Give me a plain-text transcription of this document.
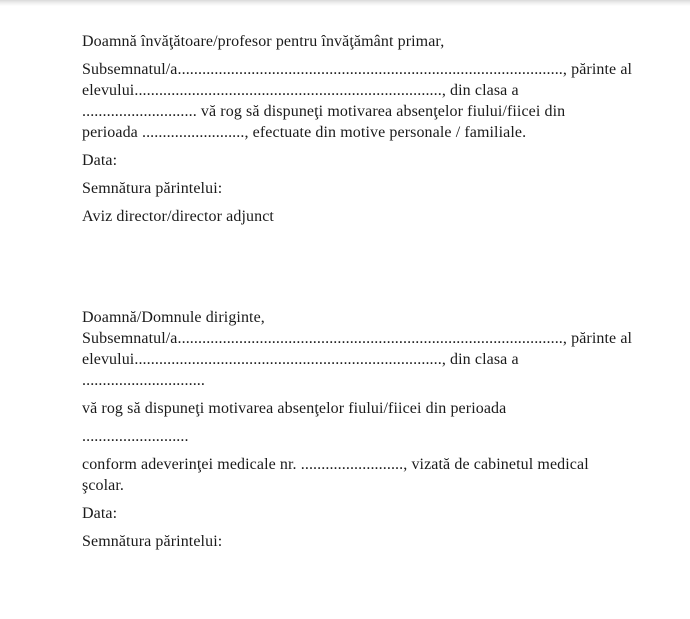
Doamnă învăţătoare/profesor pentru învăţământ primar,
Subsemnatul/a.............................................................................................., părinte al
elevului..........................................................................., din clasa a
............................ vă rog să dispuneţi motivarea absenţelor fiului/fiicei din
perioada ........................., efectuate din motive personale / familiale.
Data:
Semnătura părintelui:
Aviz director/director adjunct
Doamnă/Domnule diriginte,
Subsemnatul/a.............................................................................................., părinte al
elevului..........................................................................., din clasa a
..............................
vă rog să dispuneţi motivarea absenţelor fiului/fiicei din perioada
..........................
conform adeverinţei medicale nr. ........................., vizată de cabinetul medical
şcolar.
Data:
Semnătura părintelui:
